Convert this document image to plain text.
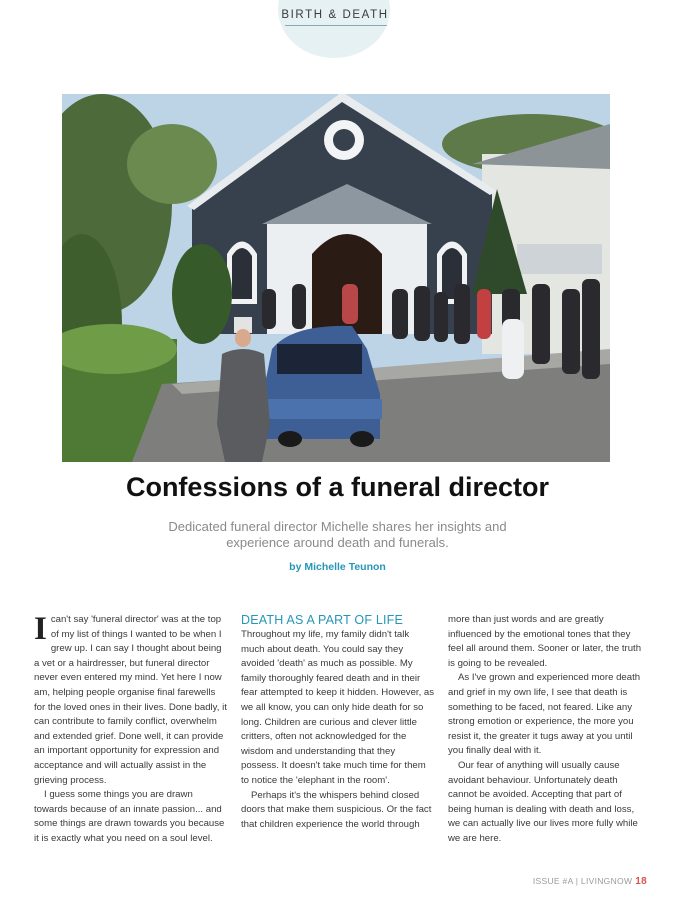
BIRTH & DEATH
Confessions of a funeral director

Dedicated funeral director Michelle shares her insights and experience around death and funerals.

by Michelle Teunon

Ican't say 'funeral director' was at the top of my list of things I wanted to be when I grew up. I can say I thought about being a vet or a hairdresser, but funeral director never even entered my mind. Yet here I now am, helping people organise final farewells for the loved ones in their lives. Done badly, it can contribute to family conflict, overwhelm and extended grief. Done well, it can provide an important opportunity for expression and acceptance and will actually assist in the grieving process.

I guess some things you are drawn towards because of an innate passion... and some things are drawn towards you because it is exactly what you need on a soul level.

DEATH AS A PART OF LIFE

Throughout my life, my family didn't talk much about death. You could say they avoided 'death' as much as possible. My family thoroughly feared death and in their fear attempted to keep it hidden. However, as we all know, you can only hide death for so long. Children are curious and clever little critters, often not acknowledged for the wisdom and understanding that they possess. It doesn't take much time for them to notice the 'elephant in the room'.

Perhaps it's the whispers behind closed doors that make them suspicious. Or the fact that children experience the world through

more than just words and are greatly influenced by the emotional tones that they feel all around them. Sooner or later, the truth is going to be revealed.

As I've grown and experienced more death and grief in my own life, I see that death is something to be faced, not feared. Like any strong emotion or experience, the more you resist it, the greater it tugs away at you until you finally deal with it.

Our fear of anything will usually cause avoidant behaviour. Unfortunately death cannot be avoided. Accepting that part of being human is dealing with death and loss, we can actually live our lives more fully while we are here.

ISSUE #A | LIVINGNOW 18
